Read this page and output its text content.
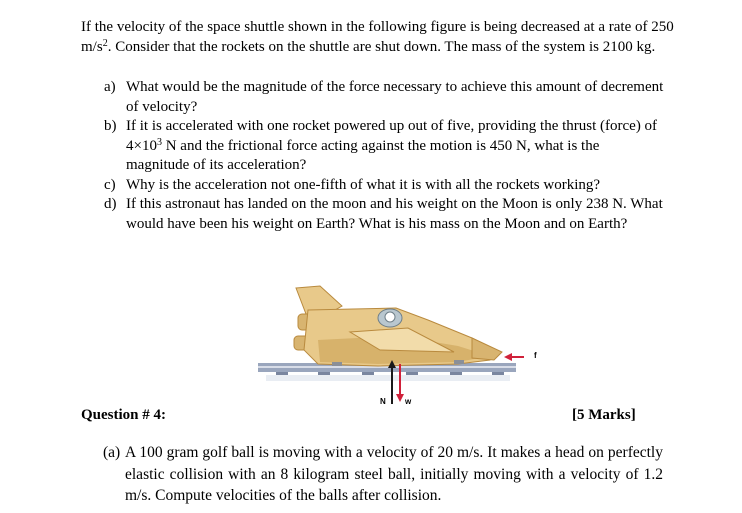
If the velocity of the space shuttle shown in the following figure is being decreased at a rate of 250 $m/s^2$. Consider that the rockets on the shuttle are shut down. The mass of the system is 2100 kg.

a) What would be the magnitude of the force necessary to achieve this amount of decrement of velocity?
b) If it is accelerated with one rocket powered up out of five, providing the thrust (force) of $4\times 10^3$ N and the frictional force acting against the motion is 450 N, what is the magnitude of its acceleration?
c) Why is the acceleration not one-fifth of what it is with all the rockets working?
d) If this astronaut has landed on the moon and his weight on the Moon is only 238 N. What would have been his weight on Earth? What is his mass on the Moon and on Earth?
f
N w

Question # 4:	[5 Marks]

(a) A 100 gram golf ball is moving with a velocity of 20 m/s. It makes a head on perfectly elastic collision with an 8 kilogram steel ball, initially moving with a velocity of 1.2 m/s. Compute velocities of the balls after collision.
